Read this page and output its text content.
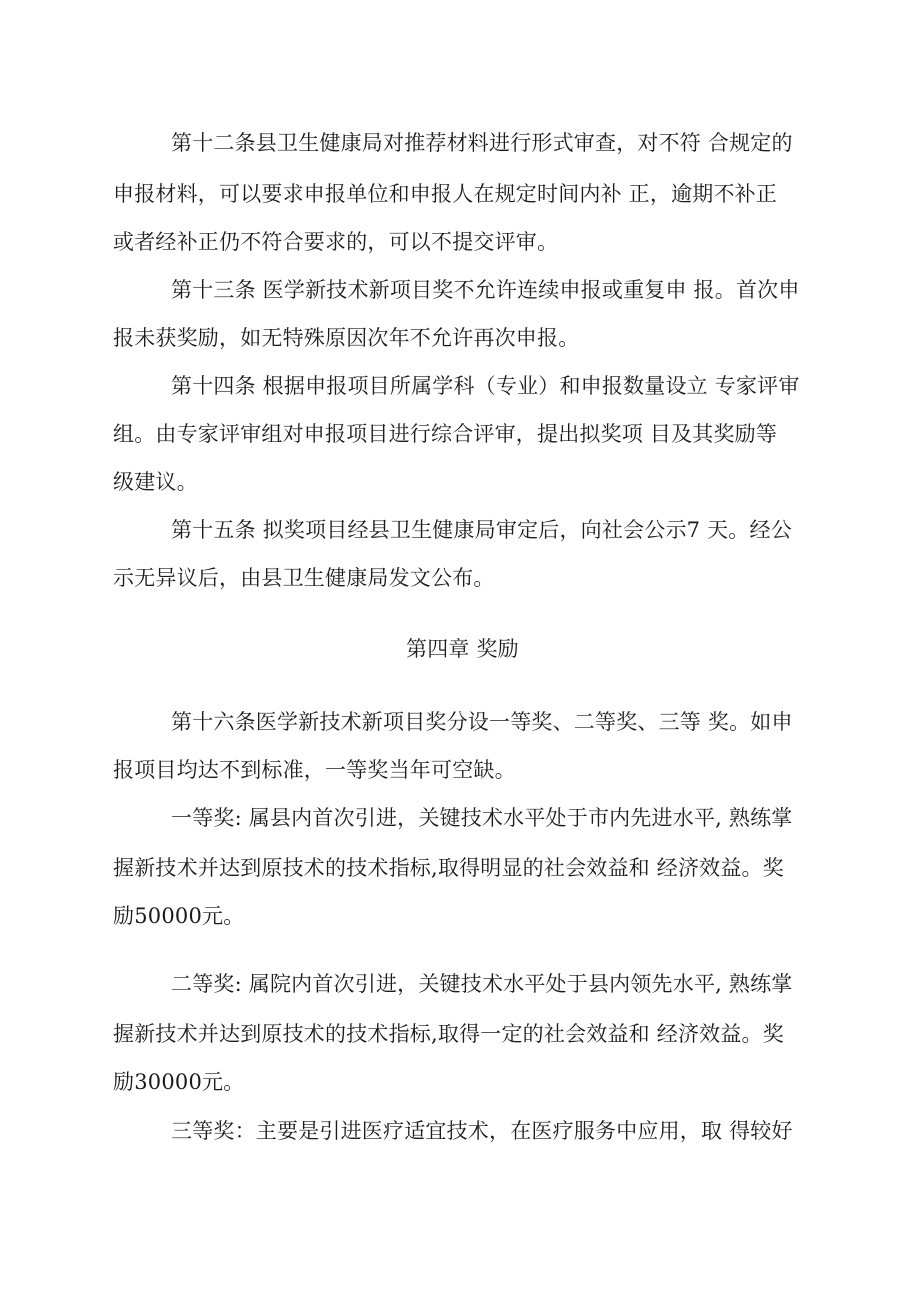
第十二条县卫生健康局对推荐材料进行形式审查，对不符 合规定的
申报材料，可以要求申报单位和申报人在规定时间内补 正，逾期不补正
或者经补正仍不符合要求的，可以不提交评审。
第十三条 医学新技术新项目奖不允许连续申报或重复申 报。首次申
报未获奖励，如无特殊原因次年不允许再次申报。
第十四条 根据申报项目所属学科（专业）和申报数量设立 专家评审
组。由专家评审组对申报项目进行综合评审，提出拟奖项 目及其奖励等
级建议。
第十五条 拟奖项目经县卫生健康局审定后，向社会公示7 天。经公
示无异议后，由县卫生健康局发文公布。
第四章 奖励
第十六条医学新技术新项目奖分设一等奖、二等奖、三等 奖。如申
报项目均达不到标准，一等奖当年可空缺。
一等奖: 属县内首次引进，关键技术水平处于市内先进水平, 熟练掌
握新技术并达到原技术的技术指标,取得明显的社会效益和 经济效益。奖
励50000元。
二等奖: 属院内首次引进，关键技术水平处于县内领先水平, 熟练掌
握新技术并达到原技术的技术指标,取得一定的社会效益和 经济效益。奖
励30000元。
三等奖：主要是引进医疗适宜技术，在医疗服务中应用，取 得较好
